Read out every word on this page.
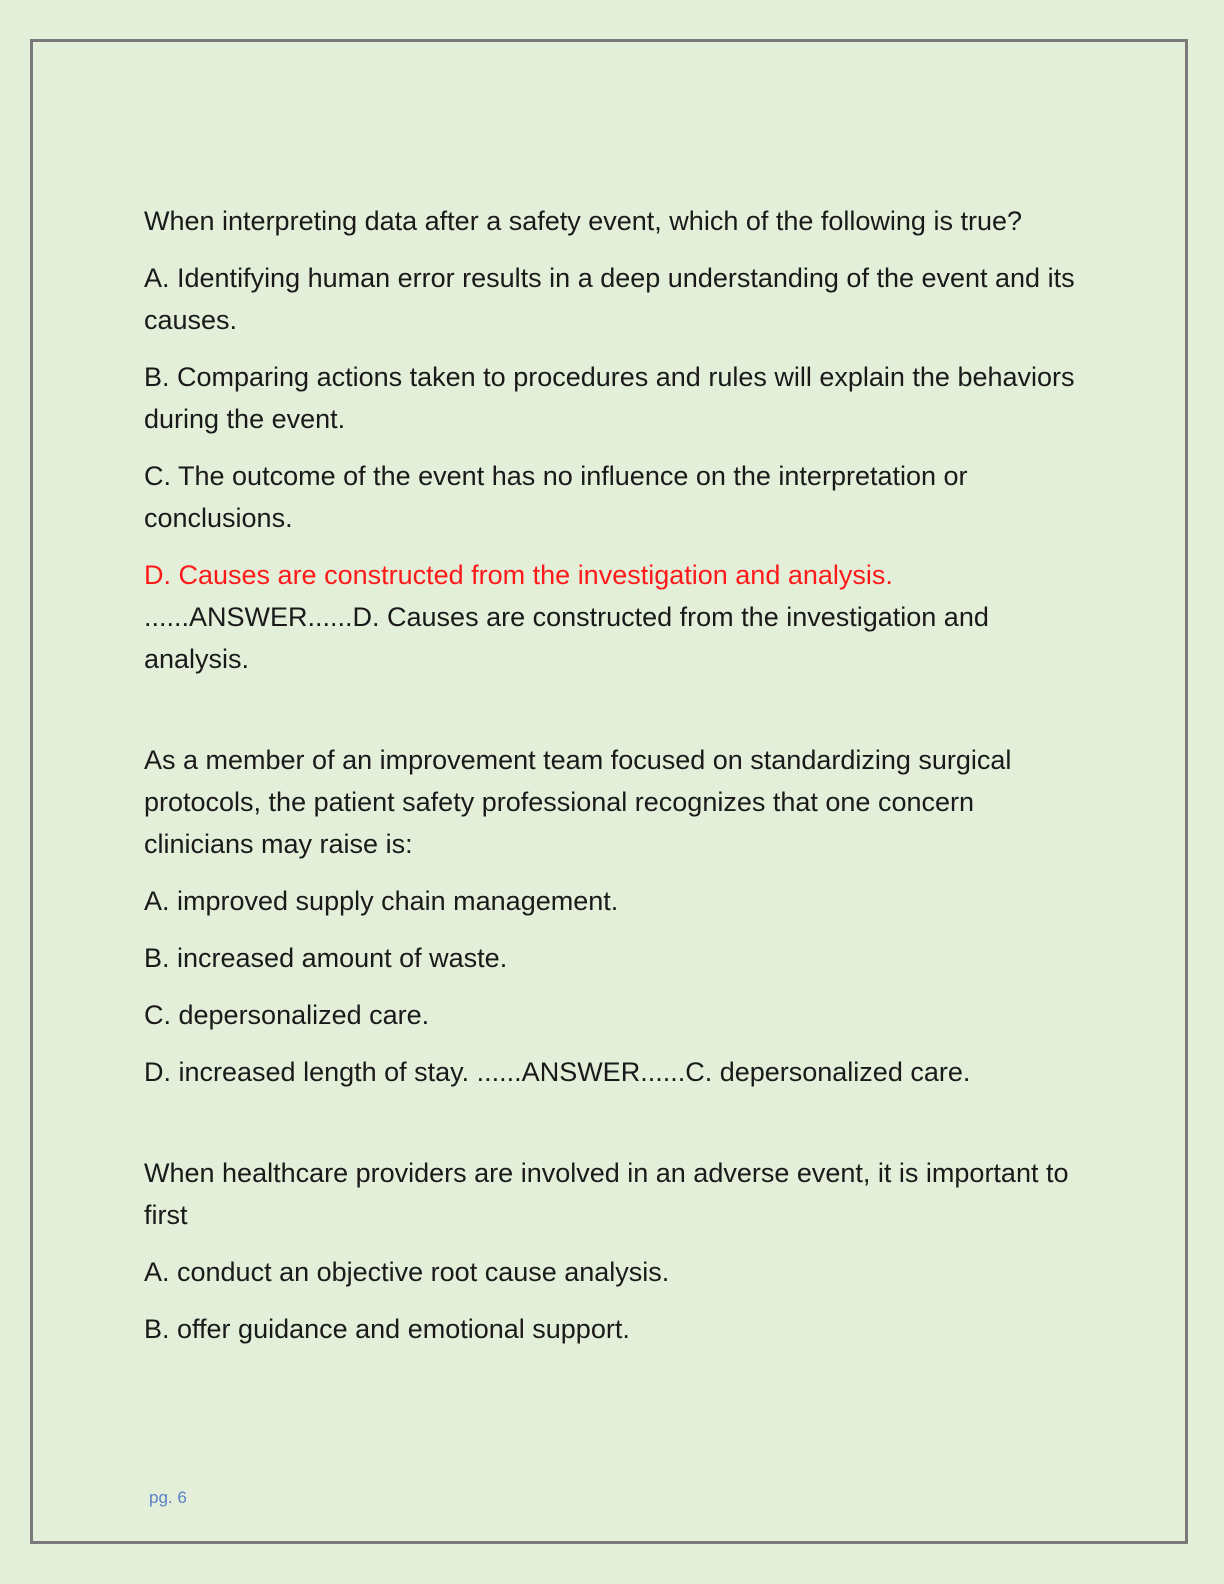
When interpreting data after a safety event, which of the following is true?

A. Identifying human error results in a deep understanding of the event and its causes.

B. Comparing actions taken to procedures and rules will explain the behaviors during the event.

C. The outcome of the event has no influence on the interpretation or conclusions.

D. Causes are constructed from the investigation and analysis.

......ANSWER......D. Causes are constructed from the investigation and analysis.

As a member of an improvement team focused on standardizing surgical protocols, the patient safety professional recognizes that one concern clinicians may raise is:

A. improved supply chain management.

B. increased amount of waste.

C. depersonalized care.

D. increased length of stay. ......ANSWER......C. depersonalized care.

When healthcare providers are involved in an adverse event, it is important to first

A. conduct an objective root cause analysis.

B. offer guidance and emotional support.

pg. 6
